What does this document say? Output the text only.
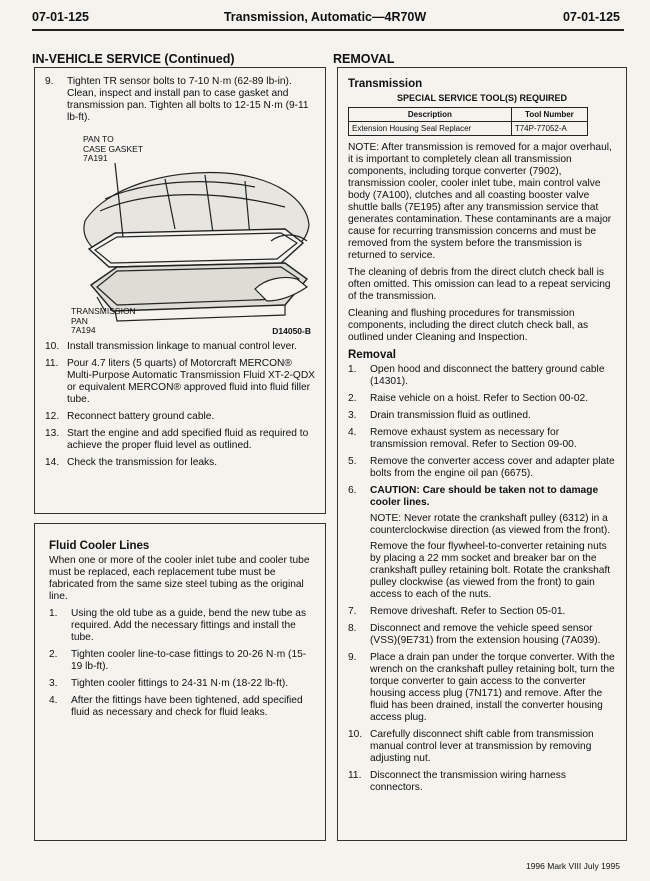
07-01-125	Transmission, Automatic—4R70W	07-01-125
IN-VEHICLE SERVICE (Continued)	REMOVAL
9.	Tighten TR sensor bolts to 7-10 N·m (62-89 lb-in).
Clean, inspect and install pan to case gasket and transmission pan. Tighten all bolts to 12-15 N·m (9-11 lb-ft).
PAN TO
CASE GASKET
7A191
TRANSMISSION
PAN
7A194	D14050-B
10. Install transmission linkage to manual control lever.
11. Pour 4.7 liters (5 quarts) of Motorcraft MERCON® Multi-Purpose Automatic Transmission Fluid XT-2-QDX or equivalent MERCON® approved fluid into fluid filler tube.
12. Reconnect battery ground cable.
13. Start the engine and add specified fluid as required to achieve the proper fluid level as outlined.
14. Check the transmission for leaks.
Fluid Cooler Lines

When one or more of the cooler inlet tube and cooler tube must be replaced, each replacement tube must be fabricated from the same size steel tubing as the original line.

1.	Using the old tube as a guide, bend the new tube as required. Add the necessary fittings and install the tube.
2.	Tighten cooler line-to-case fittings to 20-26 N·m (15-19 lb-ft).
3.	Tighten cooler fittings to 24-31 N·m (18-22 lb-ft).
4.	After the fittings have been tightened, add specified fluid as necessary and check for fluid leaks.
Transmission
SPECIAL SERVICE TOOL(S) REQUIRED
Description	Tool Number
Extension Housing Seal Replacer	T74P-77052-A

NOTE: After transmission is removed for a major overhaul, it is important to completely clean all transmission components, including torque converter (7902), transmission cooler, cooler inlet tube, main control valve body (7A100), clutches and all coasting booster valve shuttle balls (7E195) after any transmission service that generates contamination. These contaminants are a major cause for recurring transmission concerns and must be removed from the system before the transmission is returned to service.

The cleaning of debris from the direct clutch check ball is often omitted. This omission can lead to a repeat servicing of the transmission.

Cleaning and flushing procedures for transmission components, including the direct clutch check ball, as outlined under Cleaning and Inspection.

Removal
1.	Open hood and disconnect the battery ground cable (14301).
2.	Raise vehicle on a hoist. Refer to Section 00-02.
3.	Drain transmission fluid as outlined.
4.	Remove exhaust system as necessary for transmission removal. Refer to Section 09-00.
5.	Remove the converter access cover and adapter plate bolts from the engine oil pan (6675).
6.	CAUTION: Care should be taken not to damage cooler lines.
NOTE: Never rotate the crankshaft pulley (6312) in a counterclockwise direction (as viewed from the front).
Remove the four flywheel-to-converter retaining nuts by placing a 22 mm socket and breaker bar on the crankshaft pulley retaining bolt. Rotate the crankshaft pulley clockwise (as viewed from the front) to gain access to each of the nuts.
7.	Remove driveshaft. Refer to Section 05-01.
8.	Disconnect and remove the vehicle speed sensor (VSS)(9E731) from the extension housing (7A039).
9.	Place a drain pan under the torque converter. With the wrench on the crankshaft pulley retaining bolt, turn the torque converter to gain access to the converter housing access plug (7N171) and remove. After the fluid has been drained, install the converter housing access plug.
10. Carefully disconnect shift cable from transmission manual control lever at transmission by removing adjusting nut.
11. Disconnect the transmission wiring harness connectors.
1996 Mark VIII July 1995
